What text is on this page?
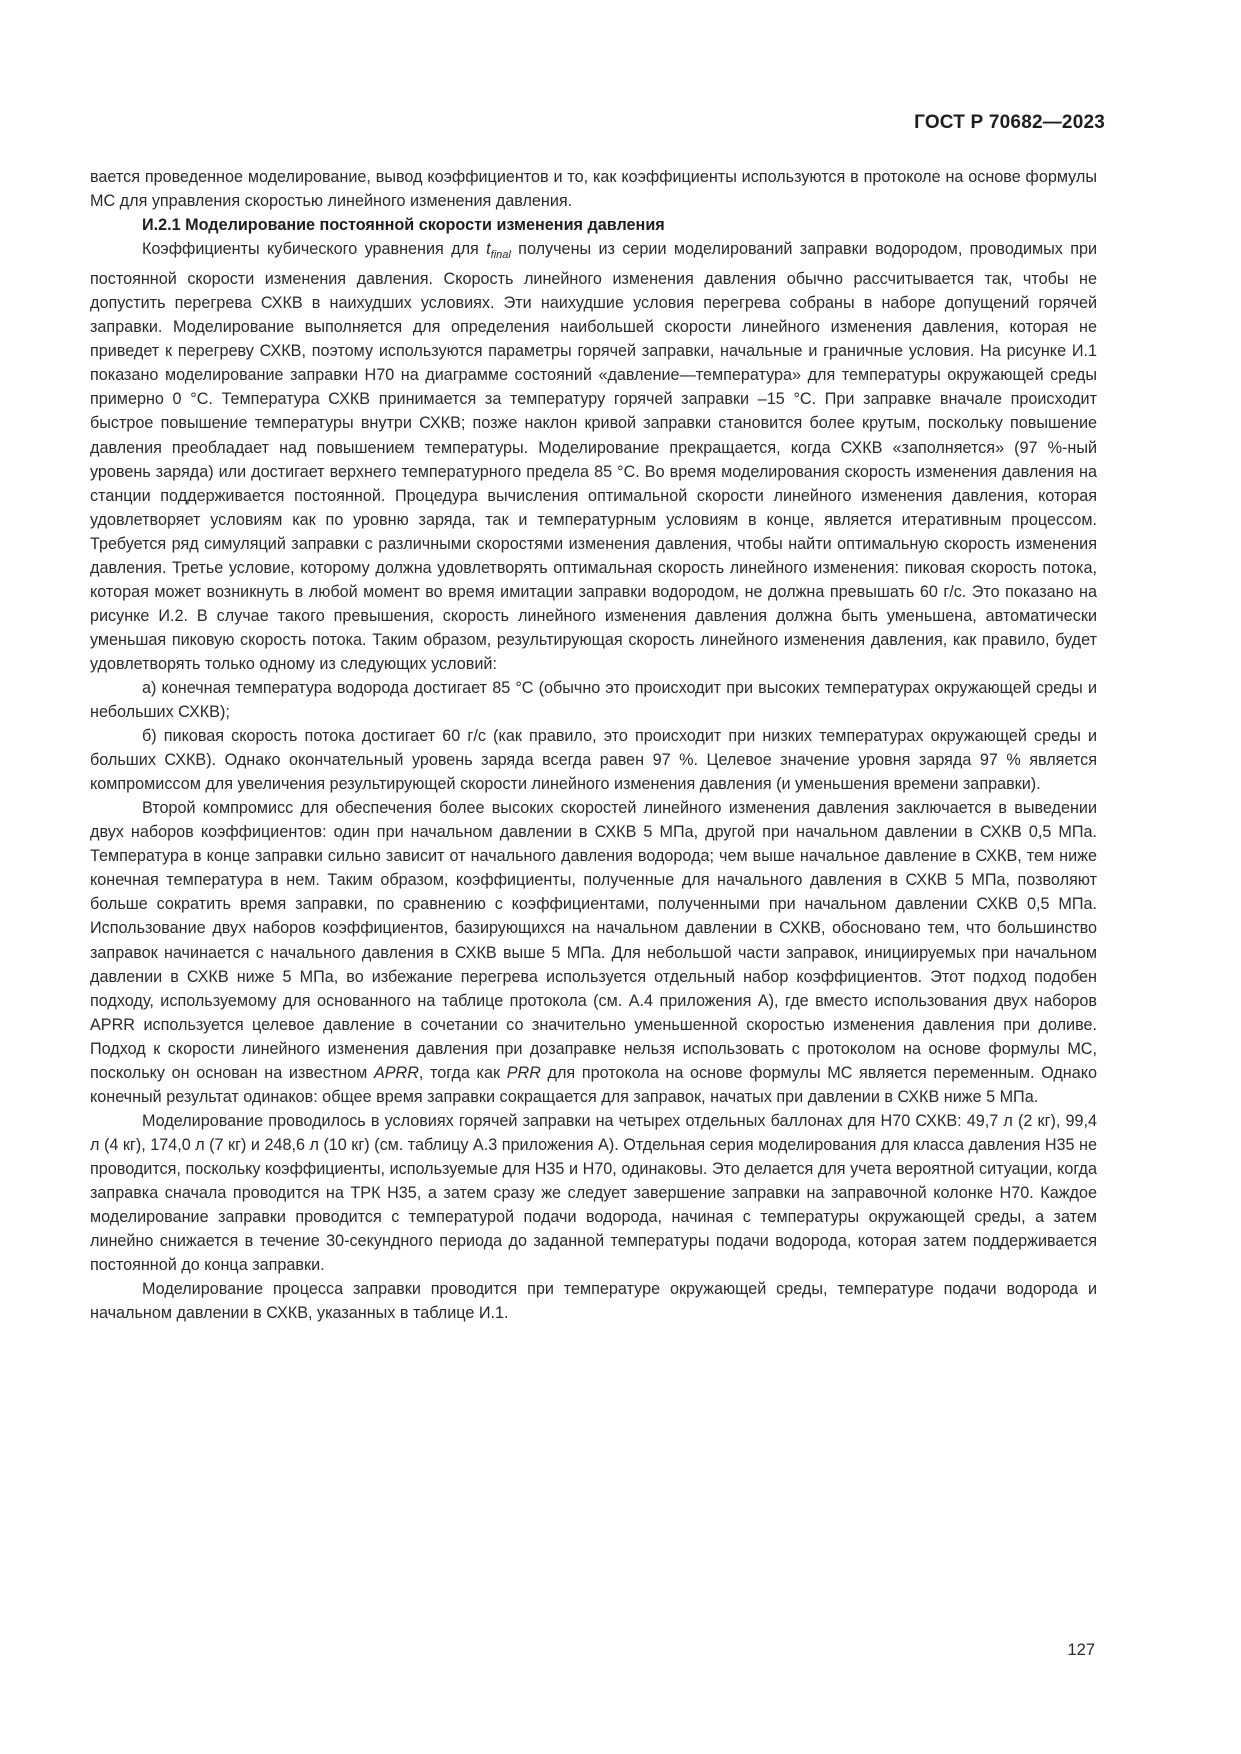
ГОСТ Р 70682—2023

вается проведенное моделирование, вывод коэффициентов и то, как коэффициенты используются в протоколе на основе формулы МС для управления скоростью линейного изменения давления.

И.2.1 Моделирование постоянной скорости изменения давления

Коэффициенты кубического уравнения для $t_{final}$ получены из серии моделирований заправки водородом, проводимых при постоянной скорости изменения давления. Скорость линейного изменения давления обычно рассчитывается так, чтобы не допустить перегрева СХКВ в наихудших условиях. Эти наихудшие условия перегрева собраны в наборе допущений горячей заправки. Моделирование выполняется для определения наибольшей скорости линейного изменения давления, которая не приведет к перегреву СХКВ, поэтому используются параметры горячей заправки, начальные и граничные условия. На рисунке И.1 показано моделирование заправки Н70 на диаграмме состояний «давление—температура» для температуры окружающей среды примерно 0 °С. Температура СХКВ принимается за температуру горячей заправки –15 °С. При заправке вначале происходит быстрое повышение температуры внутри СХКВ; позже наклон кривой заправки становится более крутым, поскольку повышение давления преобладает над повышением температуры. Моделирование прекращается, когда СХКВ «заполняется» (97 %-ный уровень заряда) или достигает верхнего температурного предела 85 °С. Во время моделирования скорость изменения давления на станции поддерживается постоянной. Процедура вычисления оптимальной скорости линейного изменения давления, которая удовлетворяет условиям как по уровню заряда, так и температурным условиям в конце, является итеративным процессом. Требуется ряд симуляций заправки с различными скоростями изменения давления, чтобы найти оптимальную скорость изменения давления. Третье условие, которому должна удовлетворять оптимальная скорость линейного изменения: пиковая скорость потока, которая может возникнуть в любой момент во время имитации заправки водородом, не должна превышать 60 г/с. Это показано на рисунке И.2. В случае такого превышения, скорость линейного изменения давления должна быть уменьшена, автоматически уменьшая пиковую скорость потока. Таким образом, результирующая скорость линейного изменения давления, как правило, будет удовлетворять только одному из следующих условий:

а) конечная температура водорода достигает 85 °С (обычно это происходит при высоких температурах окружающей среды и небольших СХКВ);

б) пиковая скорость потока достигает 60 г/с (как правило, это происходит при низких температурах окружающей среды и больших СХКВ). Однако окончательный уровень заряда всегда равен 97 %. Целевое значение уровня заряда 97 % является компромиссом для увеличения результирующей скорости линейного изменения давления (и уменьшения времени заправки).

Второй компромисс для обеспечения более высоких скоростей линейного изменения давления заключается в выведении двух наборов коэффициентов: один при начальном давлении в СХКВ 5 МПа, другой при начальном давлении в СХКВ 0,5 МПа. Температура в конце заправки сильно зависит от начального давления водорода; чем выше начальное давление в СХКВ, тем ниже конечная температура в нем. Таким образом, коэффициенты, полученные для начального давления в СХКВ 5 МПа, позволяют больше сократить время заправки, по сравнению с коэффициентами, полученными при начальном давлении СХКВ 0,5 МПа. Использование двух наборов коэффициентов, базирующихся на начальном давлении в СХКВ, обосновано тем, что большинство заправок начинается с начального давления в СХКВ выше 5 МПа. Для небольшой части заправок, инициируемых при начальном давлении в СХКВ ниже 5 МПа, во избежание перегрева используется отдельный набор коэффициентов. Этот подход подобен подходу, используемому для основанного на таблице протокола (см. А.4 приложения А), где вместо использования двух наборов APRR используется целевое давление в сочетании со значительно уменьшенной скоростью изменения давления при доливе. Подход к скорости линейного изменения давления при дозаправке нельзя использовать с протоколом на основе формулы МС, поскольку он основан на известном APRR, тогда как PRR для протокола на основе формулы МС является переменным. Однако конечный результат одинаков: общее время заправки сокращается для заправок, начатых при давлении в СХКВ ниже 5 МПа.

Моделирование проводилось в условиях горячей заправки на четырех отдельных баллонах для Н70 СХКВ: 49,7 л (2 кг), 99,4 л (4 кг), 174,0 л (7 кг) и 248,6 л (10 кг) (см. таблицу А.3 приложения А). Отдельная серия моделирования для класса давления Н35 не проводится, поскольку коэффициенты, используемые для Н35 и Н70, одинаковы. Это делается для учета вероятной ситуации, когда заправка сначала проводится на ТРК Н35, а затем сразу же следует завершение заправки на заправочной колонке Н70. Каждое моделирование заправки проводится с температурой подачи водорода, начиная с температуры окружающей среды, а затем линейно снижается в течение 30-секундного периода до заданной температуры подачи водорода, которая затем поддерживается постоянной до конца заправки.

Моделирование процесса заправки проводится при температуре окружающей среды, температуре подачи водорода и начальном давлении в СХКВ, указанных в таблице И.1.

127
